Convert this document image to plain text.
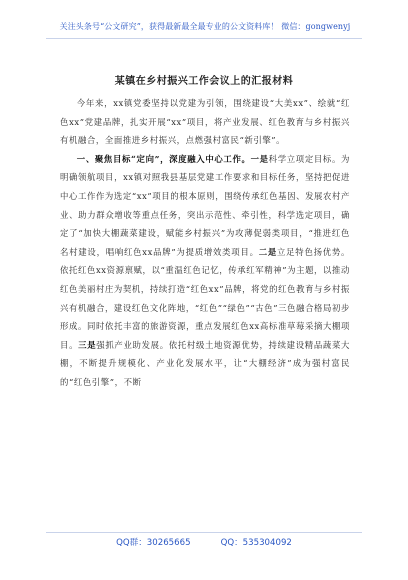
关注头条号“公文研究”，获得最新最全最专业的公文资料库！ 微信：gongwenyj
某镇在乡村振兴工作会议上的汇报材料

今年来，xx镇党委坚持以党建为引领，围绕建设“大美xx”、绘就“红色xx”党建品牌，扎实开展“xx”项目，将产业发展、红色教育与乡村振兴有机融合，全面推进乡村振兴，点燃强村富民“新引擎”。

一、聚焦目标“定向”，深度融入中心工作。一是科学立项定目标。为明确领航项目，xx镇对照我县基层党建工作要求和目标任务，坚持把促进中心工作作为选定“xx”项目的根本原则，围绕传承红色基因、发展农村产业、助力群众增收等重点任务，突出示范性、牵引性，科学选定项目，确定了“加快大棚蔬菜建设，赋能乡村振兴”为攻薄促弱类项目，“推进红色名村建设，唱响红色xx品牌”为提质增效类项目。二是立足特色扬优势。依托红色xx资源禀赋，以“重温红色记忆，传承红军精神”为主题，以推动红色美丽村庄为契机，持续打造“红色xx”品牌，将党的红色教育与乡村振兴有机融合，建设红色文化阵地，“红色”“绿色”“古色”三色融合格局初步形成。同时依托丰富的旅游资源，重点发展红色xx高标准草莓采摘大棚项目。三是强抓产业助发展。依托村级土地资源优势，持续建设精品蔬菜大棚，不断提升规模化、产业化发展水平，让“大棚经济”成为强村富民的“红色引擎”，不断

QQ群：30265665	QQ：535304092
